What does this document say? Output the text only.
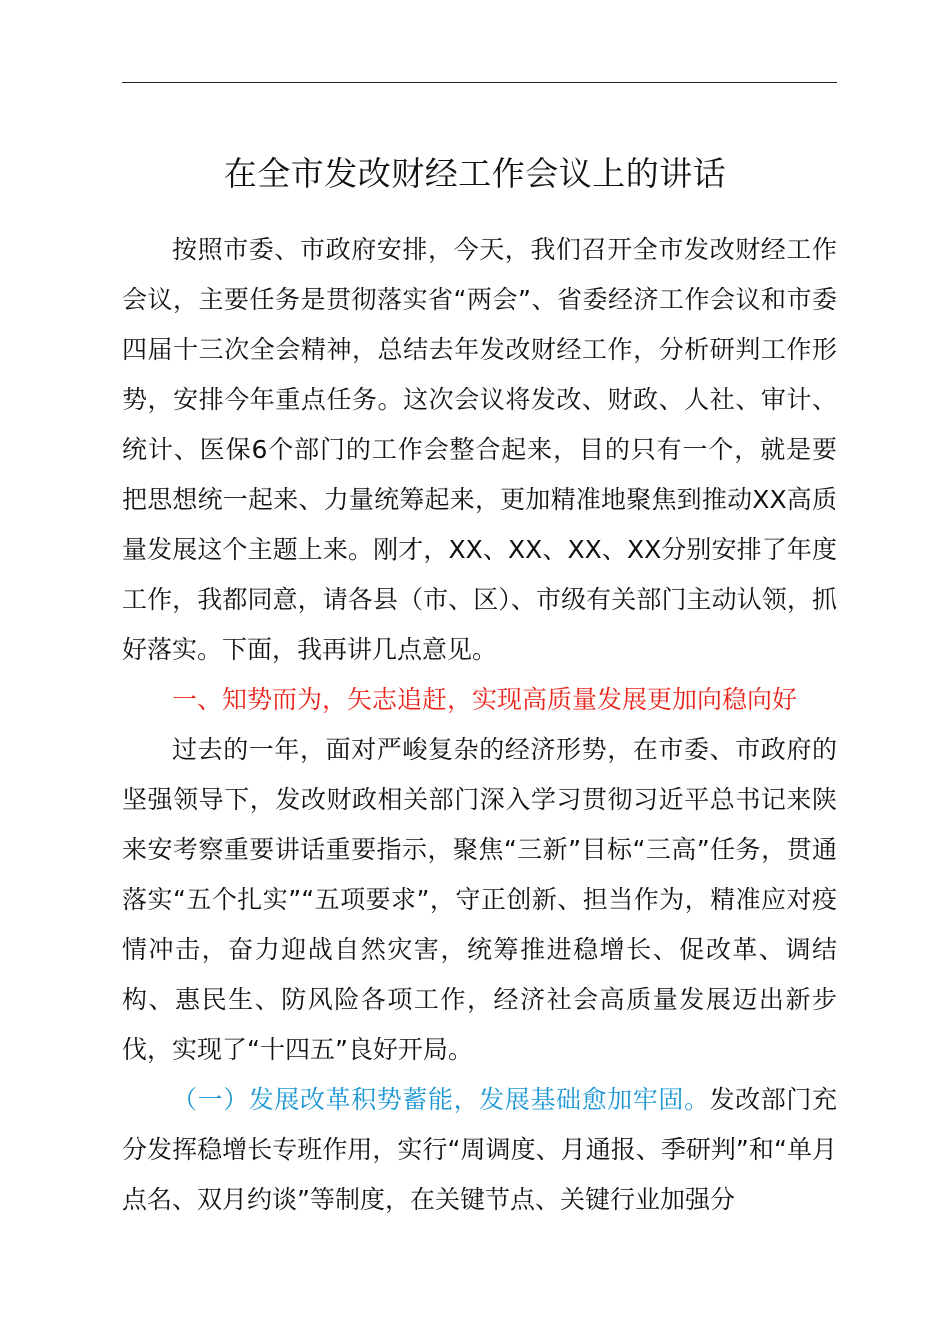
在全市发改财经工作会议上的讲话

按照市委、市政府安排，今天，我们召开全市发改财经工作会议，主要任务是贯彻落实省“两会”、省委经济工作会议和市委四届十三次全会精神，总结去年发改财经工作，分析研判工作形势，安排今年重点任务。这次会议将发改、财政、人社、审计、统计、医保6个部门的工作会整合起来，目的只有一个，就是要把思想统一起来、力量统筹起来，更加精准地聚焦到推动XX高质量发展这个主题上来。刚才，XX、XX、XX、XX分别安排了年度工作，我都同意，请各县（市、区）、市级有关部门主动认领，抓好落实。下面，我再讲几点意见。

一、知势而为，矢志追赶，实现高质量发展更加向稳向好

过去的一年，面对严峻复杂的经济形势，在市委、市政府的坚强领导下，发改财政相关部门深入学习贯彻习近平总书记来陕来安考察重要讲话重要指示，聚焦“三新”目标“三高”任务，贯通落实“五个扎实”“五项要求”，守正创新、担当作为，精准应对疫情冲击，奋力迎战自然灾害，统筹推进稳增长、促改革、调结构、惠民生、防风险各项工作，经济社会高质量发展迈出新步伐，实现了“十四五”良好开局。

（一）发展改革积势蓄能，发展基础愈加牢固。发改部门充分发挥稳增长专班作用，实行“周调度、月通报、季研判”和“单月点名、双月约谈”等制度，在关键节点、关键行业加强分
